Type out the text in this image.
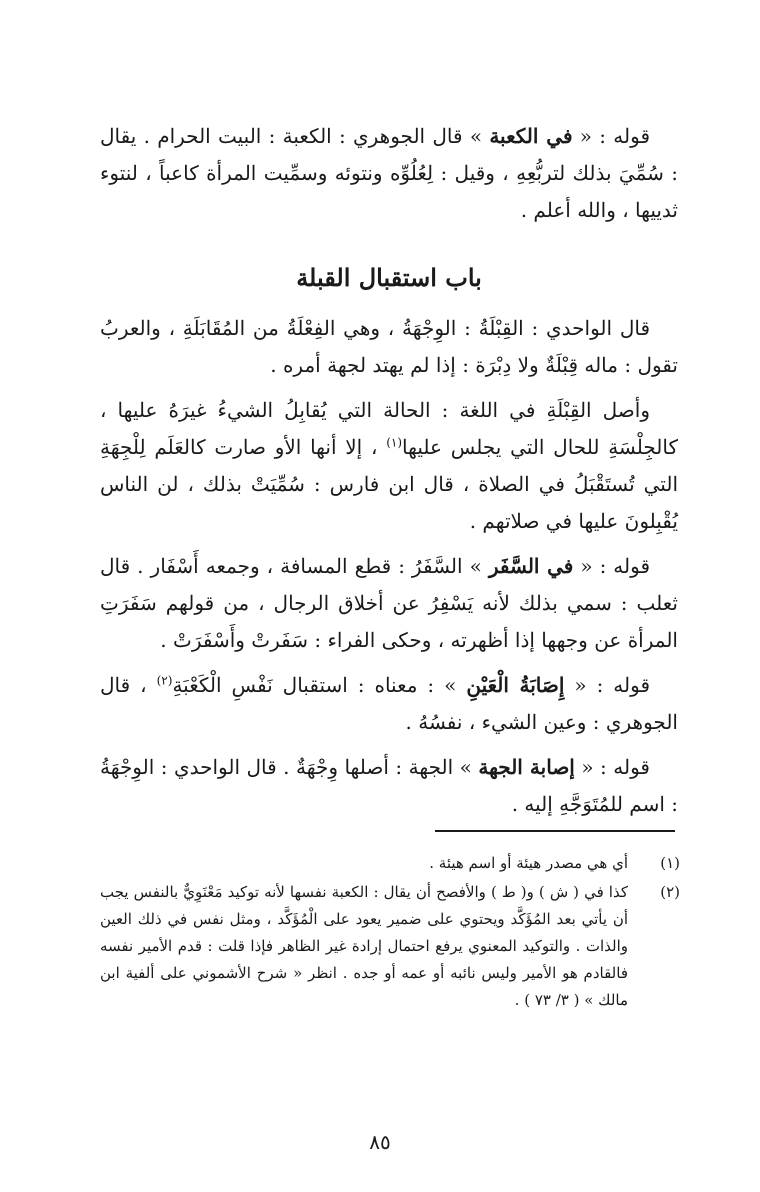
قوله : « في الكعبة » قال الجوهري : الكعبة : البيت الحرام . يقال : سُمِّيَ بذلك لتربُّعِهِ ، وقيل : لِعُلُوِّه ونتوئه وسمِّيت المرأة كاعباً ، لنتوء ثدييها ، والله أعلم .

باب استقبال القبلة

قال الواحدي : القِبْلَةُ : الوِجْهَةُ ، وهي الفِعْلَةُ من المُقَابَلَةِ ، والعربُ تقول : ماله قِبْلَةٌ ولا دِبْرَة : إذا لم يهتد لجهة أمره .

وأصل القِبْلَةِ في اللغة : الحالة التي يُقابِلُ الشيءُ غيرَهُ عليها ، كالجِلْسَةِ للحال التي يجلس عليها$^{(١)}$ ، إلا أنها الأو صارت كالعَلَم لِلْجِهَةِ التي تُستَقْبَلُ في الصلاة ، قال ابن فارس : سُمِّيَتْ بذلك ، لن الناس يُقْبِلونَ عليها في صلاتهم .

قوله : « في السَّفَر » السَّفَرُ : قطع المسافة ، وجمعه أَسْفَار . قال ثعلب : سمي بذلك لأنه يَسْفِرُ عن أخلاق الرجال ، من قولهم سَفَرَتِ المرأة عن وجهها إذا أظهرته ، وحكى الفراء : سَفَرتْ وأَسْفَرَتْ .

قوله : « إِصَابَةُ الْعَيْنِ » : معناه : استقبال نَفْسِ الْكَعْبَةِ$^{(٢)}$ ، قال الجوهري : وعين الشيء ، نفسُهُ .

قوله : « إصابة الجهة » الجهة : أصلها وِجْهَةٌ . قال الواحدي : الوِجْهَةُ : اسم للمُتَوَجَّهِ إليه .

(١)
أي هي مصدر هيئة أو اسم هيئة .
(٢)
كذا في ( ش ) و( ط ) والأفصح أن يقال : الكعبة نفسها لأنه توكيد مَعْنَوِيٌّ بالنفس يجب أن يأتي بعد المُؤَكَّد ويحتوي على ضمير يعود على الْمُؤَكَّد ، ومثل نفس في ذلك العين والذات . والتوكيد المعنوي يرفع احتمال إرادة غير الظاهر فإذا قلت : قدم الأمير نفسه فالقادم هو الأمير وليس نائبه أو عمه أو جده . انظر « شرح الأشموني على ألفية ابن مالك » ( ٣/ ٧٣ ) .
٨٥
